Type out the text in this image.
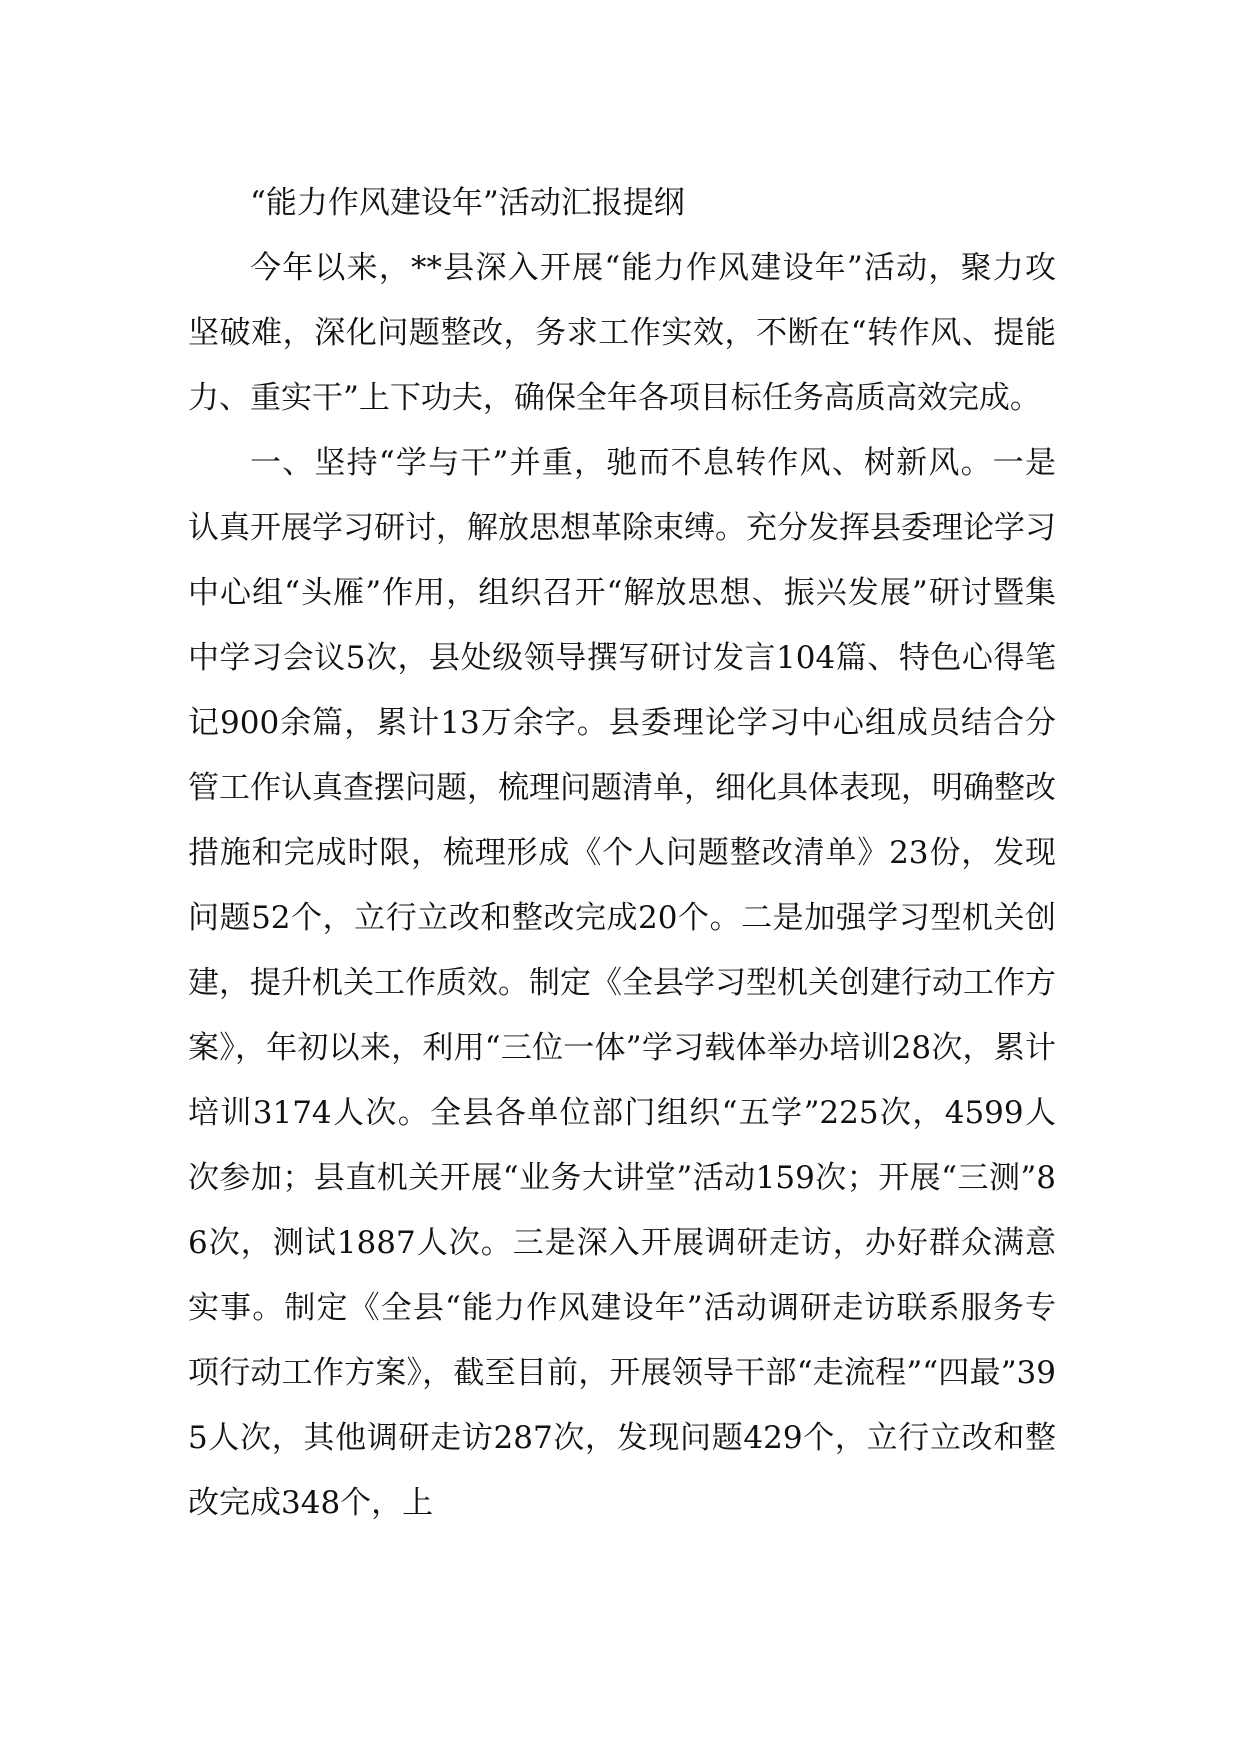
“能力作风建设年”活动汇报提纲

今年以来，**县深入开展“能力作风建设年”活动，聚力攻坚破难，深化问题整改，务求工作实效，不断在“转作风、提能力、重实干”上下功夫，确保全年各项目标任务高质高效完成。

一、坚持“学与干”并重，驰而不息转作风、树新风。一是认真开展学习研讨，解放思想革除束缚。充分发挥县委理论学习中心组“头雁”作用，组织召开“解放思想、振兴发展”研讨暨集中学习会议5次，县处级领导撰写研讨发言104篇、特色心得笔记900余篇，累计13万余字。县委理论学习中心组成员结合分管工作认真查摆问题，梳理问题清单，细化具体表现，明确整改措施和完成时限，梳理形成《个人问题整改清单》23份，发现问题52个，立行立改和整改完成20个。二是加强学习型机关创建，提升机关工作质效。制定《全县学习型机关创建行动工作方案》，年初以来，利用“三位一体”学习载体举办培训28次，累计培训3174人次。全县各单位部门组织“五学”225次，4599人次参加；县直机关开展“业务大讲堂”活动159次；开展“三测”86次，测试1887人次。三是深入开展调研走访，办好群众满意实事。制定《全县“能力作风建设年”活动调研走访联系服务专项行动工作方案》，截至目前，开展领导干部“走流程”“四最”395人次，其他调研走访287次，发现问题429个，立行立改和整改完成348个，上
